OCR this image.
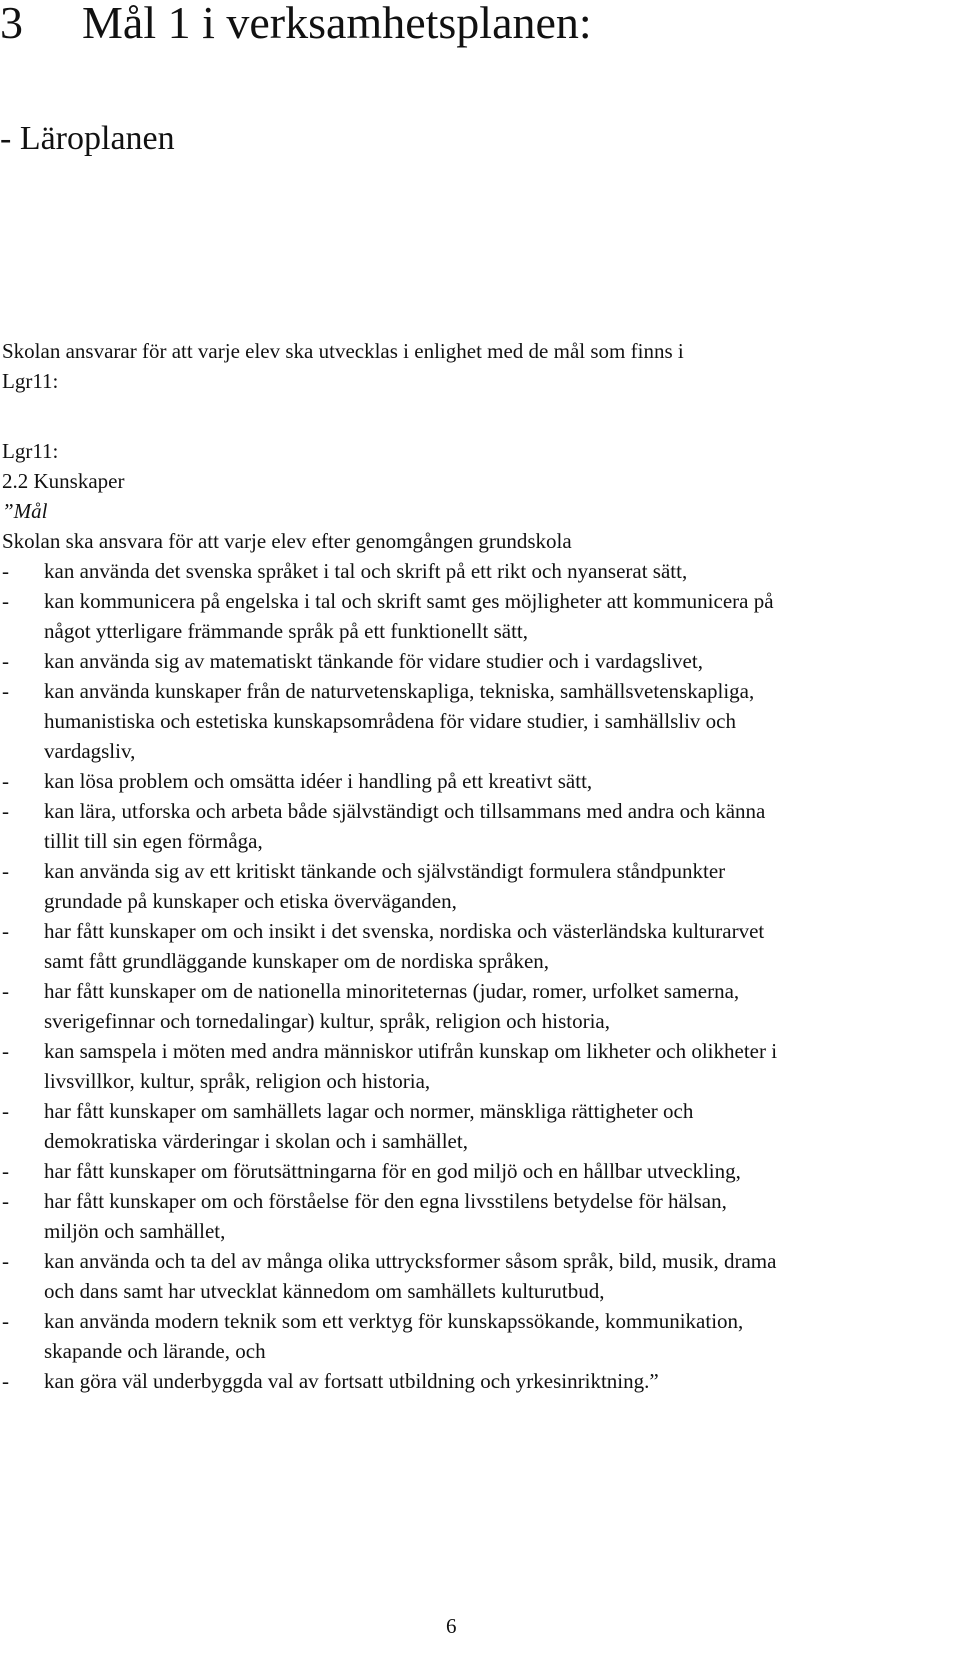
3 Mål 1 i verksamhetsplanen:
- Läroplanen
Skolan ansvarar för att varje elev ska utvecklas i enlighet med de mål som finns i
Lgr11:
Lgr11:
2.2 Kunskaper
”Mål
Skolan ska ansvara för att varje elev efter genomgången grundskola
- kan använda det svenska språket i tal och skrift på ett rikt och nyanserat sätt,
- kan kommunicera på engelska i tal och skrift samt ges möjligheter att kommunicera på
något ytterligare främmande språk på ett funktionellt sätt,
- kan använda sig av matematiskt tänkande för vidare studier och i vardagslivet,
- kan använda kunskaper från de naturvetenskapliga, tekniska, samhällsvetenskapliga,
humanistiska och estetiska kunskapsområdena för vidare studier, i samhällsliv och
vardagsliv,
- kan lösa problem och omsätta idéer i handling på ett kreativt sätt,
- kan lära, utforska och arbeta både självständigt och tillsammans med andra och känna
tillit till sin egen förmåga,
- kan använda sig av ett kritiskt tänkande och självständigt formulera ståndpunkter
grundade på kunskaper och etiska överväganden,
- har fått kunskaper om och insikt i det svenska, nordiska och västerländska kulturarvet
samt fått grundläggande kunskaper om de nordiska språken,
- har fått kunskaper om de nationella minoriteternas (judar, romer, urfolket samerna,
sverigefinnar och tornedalingar) kultur, språk, religion och historia,
- kan samspela i möten med andra människor utifrån kunskap om likheter och olikheter i
livsvillkor, kultur, språk, religion och historia,
- har fått kunskaper om samhällets lagar och normer, mänskliga rättigheter och
demokratiska värderingar i skolan och i samhället,
- har fått kunskaper om förutsättningarna för en god miljö och en hållbar utveckling,
- har fått kunskaper om och förståelse för den egna livsstilens betydelse för hälsan,
miljön och samhället,
- kan använda och ta del av många olika uttrycksformer såsom språk, bild, musik, drama
och dans samt har utvecklat kännedom om samhällets kulturutbud,
- kan använda modern teknik som ett verktyg för kunskapssökande, kommunikation,
skapande och lärande, och
- kan göra väl underbyggda val av fortsatt utbildning och yrkesinriktning.”
6
